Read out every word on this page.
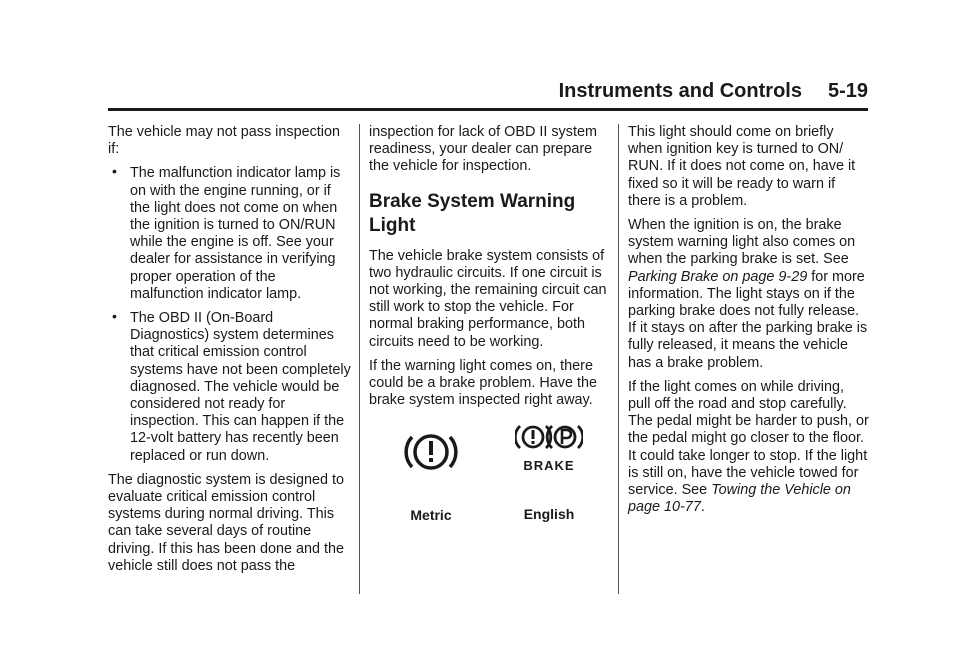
Instruments and Controls 5-19

The vehicle may not pass inspection if:

• The malfunction indicator lamp is on with the engine running, or if the light does not come on when the ignition is turned to ON/RUN while the engine is off. See your dealer for assistance in verifying proper operation of the malfunction indicator lamp.
• The OBD II (On-Board Diagnostics) system determines that critical emission control systems have not been completely diagnosed. The vehicle would be considered not ready for inspection. This can happen if the 12-volt battery has recently been replaced or run down.

The diagnostic system is designed to evaluate critical emission control systems during normal driving. This can take several days of routine driving. If this has been done and the vehicle still does not pass the

inspection for lack of OBD II system readiness, your dealer can prepare the vehicle for inspection.

Brake System Warning Light

The vehicle brake system consists of two hydraulic circuits. If one circuit is not working, the remaining circuit can still work to stop the vehicle. For normal braking performance, both circuits need to be working.

If the warning light comes on, there could be a brake problem. Have the brake system inspected right away.

Metric
BRAKE
English

This light should come on briefly when ignition key is turned to ON/ RUN. If it does not come on, have it fixed so it will be ready to warn if there is a problem.

When the ignition is on, the brake system warning light also comes on when the parking brake is set. See Parking Brake on page 9-29 for more information. The light stays on if the parking brake does not fully release. If it stays on after the parking brake is fully released, it means the vehicle has a brake problem.

If the light comes on while driving, pull off the road and stop carefully. The pedal might be harder to push, or the pedal might go closer to the floor. It could take longer to stop. If the light is still on, have the vehicle towed for service. See Towing the Vehicle on page 10-77.
